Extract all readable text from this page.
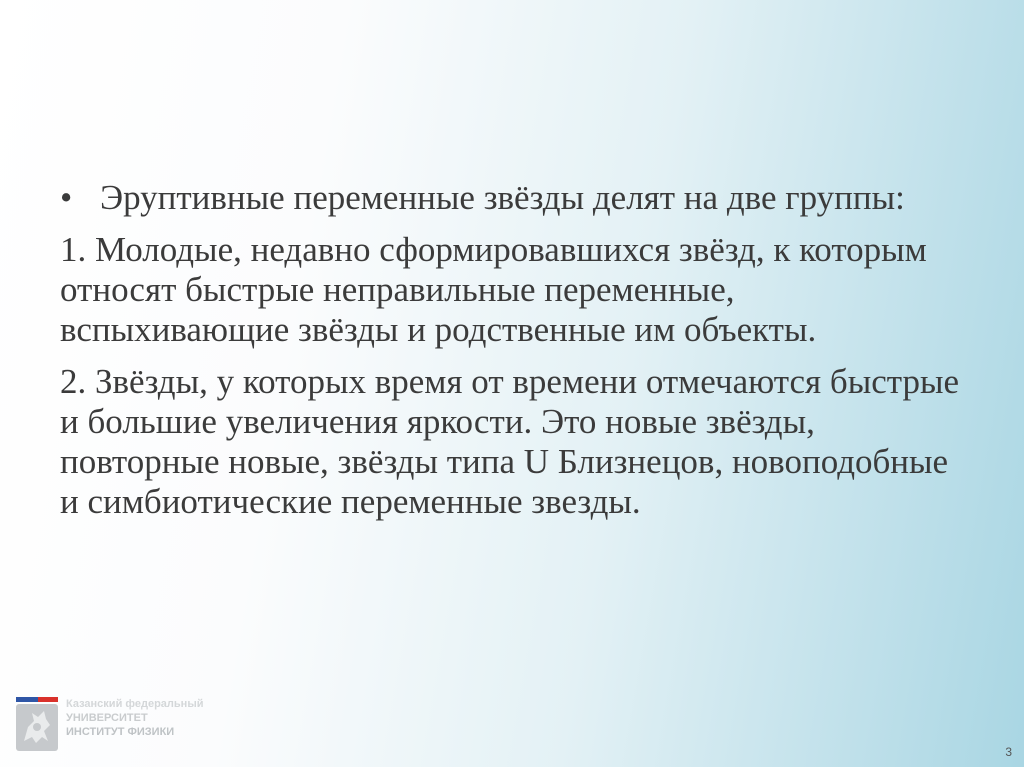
• Эруптивные переменные звёзды делят на две группы:
1. Молодые, недавно сформировавшихся звёзд, к которым относят быстрые неправильные переменные, вспыхивающие звёзды и родственные им объекты.
2. Звёзды, у которых время от времени отмечаются быстрые и большие увеличения яркости. Это новые звёзды, повторные новые, звёзды типа U Близнецов, новоподобные и симбиотические переменные звезды.
Казанский федеральный
УНИВЕРСИТЕТ
ИНСТИТУТ ФИЗИКИ
3
